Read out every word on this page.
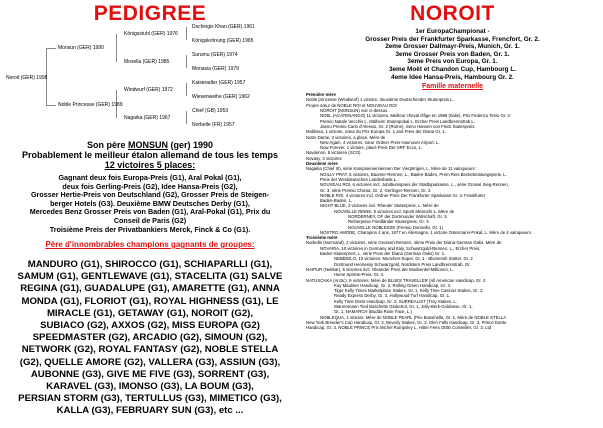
PEDIGREE
Noroit (GER) 1998
Monsun (GER) 1990
Noble Princesse (GER) 1989
Königsstuhl (GER) 1976
Mosella (GER) 1985
Windwurf (GER) 1972
Nagaika (GER) 1967
Dschingis Khan (GER) 1961
Königskrönung (GER) 1965
Surumu (GER) 1974
Monasia (GER) 1979
Kaiseradler (GER) 1957
Wiesenweihe (GER) 1962
Chief (GB) 1953
Norbelle (FR) 1957
Son père MONSUN (ger) 1990
Probablement le meilleur étalon allemand de tous les temps
12 victoires 5 places:
Gagnant deux fois Europa-Preis (G1), Aral Pokal (G1),
deux fois Gerling-Preis (G2), Idee Hansa-Preis (G2),
Grosser Hertie-Preis von Deutschland (G2), Grosser Preis de Steigen-
berger Hotels (G3). Deuxième BMW Deutsches Derby (G1),
Mercedes Benz Grosser Preis von Baden (G1), Aral-Pokal (G1), Prix du
Conseil de Paris (G2)
Troisième Preis der Privatbankiers Merck, Finck & Co (G1).
Père d'innombrables champions gagnants de groupes:
MANDURO (G1), SHIROCCO (G1), SCHIAPARLLI (G1),
SAMUM (G1), GENTLEWAVE (G1), STACELITA (G1) SALVE
REGINA (G1), GUADALUPE (G1), AMARETTE (G1), ANNA
MONDA (G1), FLORIOT (G1), ROYAL HIGHNESS (G1), LE
MIRACLE (G1), GETAWAY (G1), NOROIT (G2),
SUBIACO (G2), AXXOS (G2), MISS EUROPA (G2)
SPEEDMASTER (G2), ARCADIO (G2), SIMOUN (G2),
NETWORK (G2), ROYAL FANTASY (G2), NOBLE STELLA
(G2), QUELLE AMORE (G2), VALLERA (G3), ASSIUN (G3),
AUBONNE (G3), GIVE ME FIVE (G3), SORRENT (G3),
KARAVEL (G3), IMONSO (G3), LA BOUM (G3),
PERSIAN STORM (G3), TERTULLUS (G3), MIMETICO (G3),
KALLA (G3), FEBRUARY SUN (G3), etc ...
NOROIT
1er EuropaChampionat -
Grosser Preis der Frankfurter Sparkasse, Frencfort, Gr. 2.
2eme Grosser Dallmayr-Preis, Munich, Gr. 1.
3eme Grosser Preis von Baden, Gr. 1.
3eme Preis von Europa, Gr. 1.
3eme Moët et Chandon Cup, Hambourg L.
4eme Idee Hansa-Preis, Hambourg Gr. 2.
Famille maternelle
Première mère
Noble princesse (Windwurf) 1 victoire, deuxième Deutschender Stutenpreis L.
Propre sœur de NOBLE ROI et NOUVEAU ROI
NOROIT (MONSUN) voir ci-dessus.
NOEL (ACATENANGO) 11 victoires, Meilleur cheval d'âge en 1996 (Italie), Prix Federico Tesio Gr. 3
Premio Natale Vecchis L, Mülheim Stutenpokal L, Ercher Preis Landbrennstrab L,
Jaenu Premio Carlo d'Alessio, Gr. 2 (Rome), Seno Hansen von Finck Stutenpreis.
Moblissa, 1 victoire, sœur du Prix Europa Gr. 1 and Preis der Diana Gr. 1.
Notre Dame, 3 victoires, a placé. Mère de
New Again, 4 victoires, sœur Ordner Preis Hannover Airport, L.
Now Forever, 1 victoire, placé Preis Der SRF Ecco, L.
Naviamon, 5 victoires (SCO)
Novasy, 3 victoires
Deuxième mère
Nagaika (Chief III), série Kampioeniersiennen Der Vierjärrigen, L. Mère de 11 vainqueurs :
NOILLY PRAT, 5 victoires, Baumer-Rennen, L., Baden-Baden, Prem Reis Beckebrüstungspreis, L.
Preis der Westdeutschen Landesbank L.
NOUVEAU ROI, 6 victoires incl. Jubiläumspreis der Stadtsparkasse, L., série Grossé Sieg-Rennen,
Gr. 3. série Premio Chiesa, Gr. 2, Gerlinger-Rennen, Gr. 3
NOBLE ROI, 4 victoires incl. Ordner Preis Der Frankfurter Sparkasse Gr. 3. Frankfurter
Baden-Baden, L.
NIGHT BLUE, 3 victoires incl. Rheuter Stutenpreis, L. Mère de
NOUVELLE REINE, 5 victoires incl. Sporti Mesinchi L. Mère de
NORDERNEY, OF der Dortmunder Wirtschaft, Gr. 3.
Reiherpeise Friedländer Stutenpreis, Gr. 3.
NOUVELLE NOBLESSE (Premio Dormello, Gr. 1)
NOSTRO AMORE, Champion 4 ans, 1977 en Allemagne, 1 victoire Ostermann-Pokal, L. Mère de 4 vainqueurs.
Troisième mère
Norbelle (Normand), 2 victoires, série Grossen-Rennen, 4ème Preis der Diana-German Oaks. Mère de
NOVARIA, 10 victoires in Germany and Italy, Schwarzgold-Rennen, L., Ercher Preis,
Baden-Stutenpreis, L. série Preis der Diana (German Oaks) Gr. 1.
NEBBIOLO, 10 victoires, Munchen-Super. Gr. 1 - Blumensh Stutter, Gr. 2
Dortmund Hennessy Schwarzgold, Nordstern Preis Landbrennstrab, Gr.
NAIPUR (Nekbar), 5 victoires incl. Oleander Preis der Modeerdel-Millionen, L.
Hiene Sprinte-Preis, Gr. 3.
NATUSCHKA (Arctic), 9 victoires. Mère de BLUES TRAVELLER (All American Handicap, Gr. 2
Kay Mauliner Handicap, Gr. 2, Rolling Green Handicap, Gr. 3.
Tiger Kelly Times Marketplace Stakes, Gr. 1, Kelly Time Casinos Stakes, Gr. 2,
Ready Express Derby, Gr. 3, Hollywood Turf Handicap, Gr. 1.
Kelly Time Dürst Handicap, Gr. 2, SURREALIST (Troy Stakes, L.
Warrenmann Tied Baschetts Globetrot, Gr. 1, Jolly-Berk-Goldanse, Gr. 1,
Gr. 1, NAMARCH (Budda Rose Face, L.)
NOBLEQUA, 1 victoire. Mère de NOBLE PEARL (Prix Bossinelle, Gr. 1, Mère de NOBLE STELLA
New York Breeder's Cup Handicap, Gr. 2, Beverly Stakes, Gr. 3, Glen Falls Handicap, Gr. 3, Prince Dante
Handicap, Gr. 3, NOBLE PRINCE Prix Michel Rumpsley L, Hitter Fees Ottlin Conseiller, Gr. 3, Ltd
